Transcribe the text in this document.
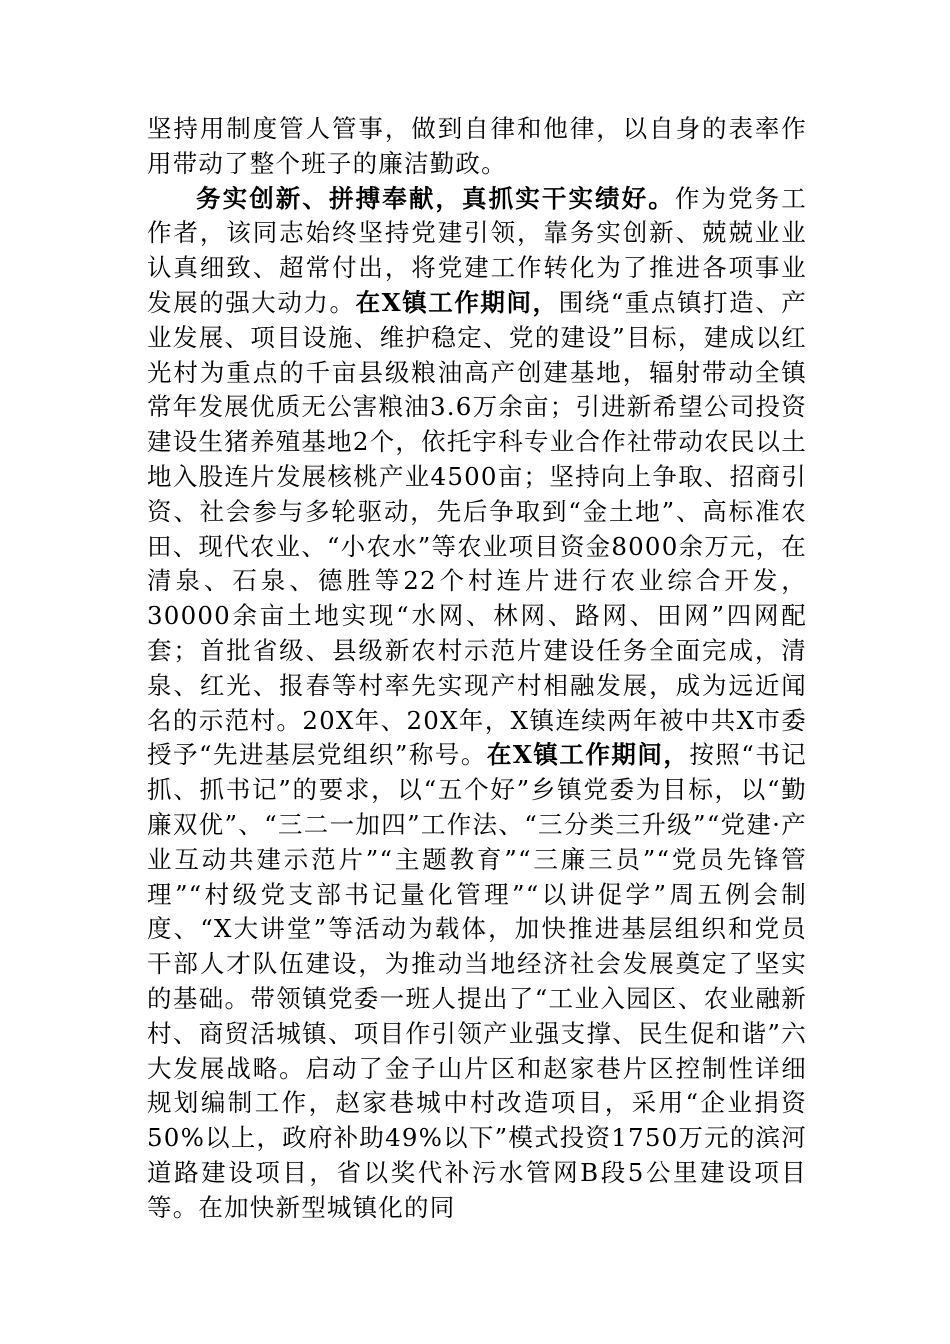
坚持用制度管人管事，做到自律和他律，以自身的表率作用带动了整个班子的廉洁勤政。

务实创新、拼搏奉献，真抓实干实绩好。作为党务工作者，该同志始终坚持党建引领，靠务实创新、兢兢业业认真细致、超常付出，将党建工作转化为了推进各项事业发展的强大动力。在X镇工作期间，围绕“重点镇打造、产业发展、项目设施、维护稳定、党的建设”目标，建成以红光村为重点的千亩县级粮油高产创建基地，辐射带动全镇常年发展优质无公害粮油3.6万余亩；引进新希望公司投资建设生猪养殖基地2个，依托宇科专业合作社带动农民以土地入股连片发展核桃产业4500亩；坚持向上争取、招商引资、社会参与多轮驱动，先后争取到“金土地”、高标准农田、现代农业、“小农水”等农业项目资金8000余万元，在清泉、石泉、德胜等22个村连片进行农业综合开发，30000余亩土地实现“水网、林网、路网、田网”四网配套；首批省级、县级新农村示范片建设任务全面完成，清泉、红光、报春等村率先实现产村相融发展，成为远近闻名的示范村。20X年、20X年，X镇连续两年被中共X市委授予“先进基层党组织”称号。在X镇工作期间，按照“书记抓、抓书记”的要求，以“五个好”乡镇党委为目标，以“勤廉双优”、“三二一加四”工作法、“三分类三升级”“党建·产业互动共建示范片”“主题教育”“三廉三员”“党员先锋管理”“村级党支部书记量化管理”“以讲促学”周五例会制度、“X大讲堂”等活动为载体，加快推进基层组织和党员干部人才队伍建设，为推动当地经济社会发展奠定了坚实的基础。带领镇党委一班人提出了“工业入园区、农业融新村、商贸活城镇、项目作引领产业强支撑、民生促和谐”六大发展战略。启动了金子山片区和赵家巷片区控制性详细规划编制工作，赵家巷城中村改造项目，采用“企业捐资50%以上，政府补助49%以下”模式投资1750万元的滨河道路建设项目，省以奖代补污水管网B段5公里建设项目等。在加快新型城镇化的同
